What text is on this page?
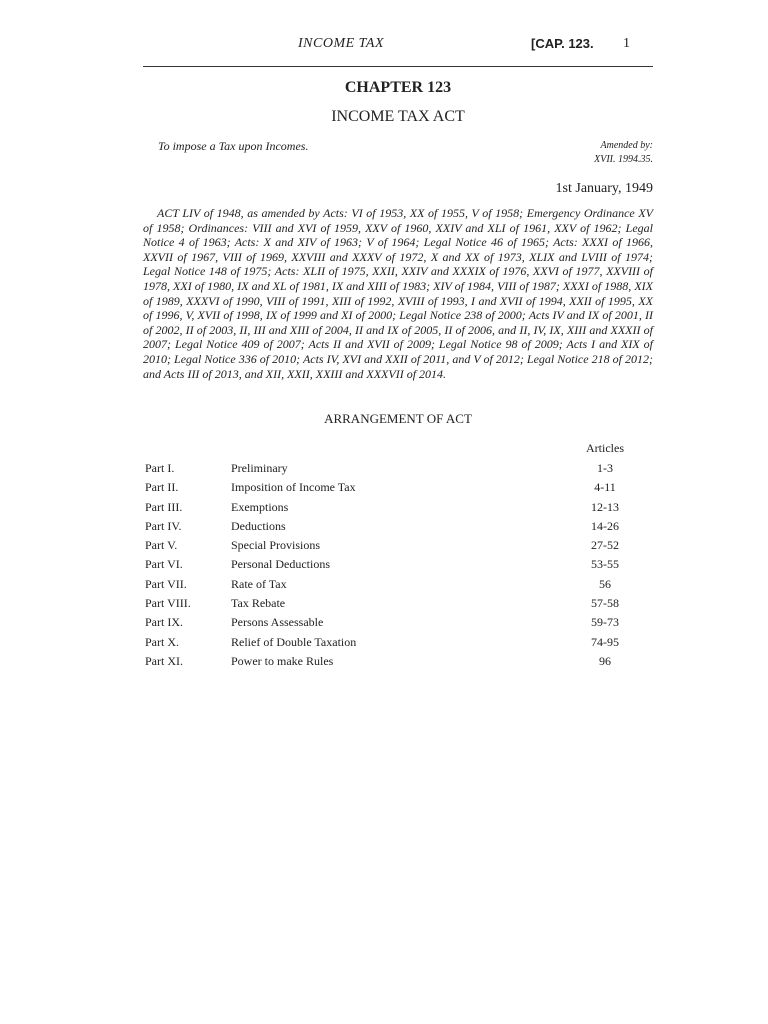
INCOME TAX	[CAP. 123. 1
CHAPTER 123
INCOME TAX ACT
To impose a Tax upon Incomes.	Amended by:
XVII. 1994.35.
1st January, 1949

ACT LIV of 1948, as amended by Acts: VI of 1953, XX of 1955, V of 1958; Emergency Ordinance XV of 1958; Ordinances: VIII and XVI of 1959, XXV of 1960, XXIV and XLI of 1961, XXV of 1962; Legal Notice 4 of 1963; Acts: X and XIV of 1963; V of 1964; Legal Notice 46 of 1965; Acts: XXXI of 1966, XXVII of 1967, VIII of 1969, XXVIII and XXXV of 1972, X and XX of 1973, XLIX and LVIII of 1974; Legal Notice 148 of 1975; Acts: XLII of 1975, XXII, XXIV and XXXIX of 1976, XXVI of 1977, XXVIII of 1978, XXI of 1980, IX and XL of 1981, IX and XIII of 1983; XIV of 1984, VIII of 1987; XXXI of 1988, XIX of 1989, XXXVI of 1990, VIII of 1991, XIII of 1992, XVIII of 1993, I and XVII of 1994, XXII of 1995, XX of 1996, V, XVII of 1998, IX of 1999 and XI of 2000; Legal Notice 238 of 2000; Acts IV and IX of 2001, II of 2002, II of 2003, II, III and XIII of 2004, II and IX of 2005, II of 2006, and II, IV, IX, XIII and XXXII of 2007; Legal Notice 409 of 2007; Acts II and XVII of 2009; Legal Notice 98 of 2009; Acts I and XIX of 2010; Legal Notice 336 of 2010; Acts IV, XVI and XXII of 2011, and V of 2012; Legal Notice 218 of 2012; and Acts III of 2013, and XII, XXII, XXIII and XXXVII of 2014.

ARRANGEMENT OF ACT
Articles
Part I.	Preliminary	1-3
Part II.	Imposition of Income Tax	4-11
Part III.	Exemptions	12-13
Part IV.	Deductions	14-26
Part V.	Special Provisions	27-52
Part VI.	Personal Deductions	53-55
Part VII.	Rate of Tax	56
Part VIII.	Tax Rebate	57-58
Part IX.	Persons Assessable	59-73
Part X.	Relief of Double Taxation	74-95
Part XI.	Power to make Rules	96
